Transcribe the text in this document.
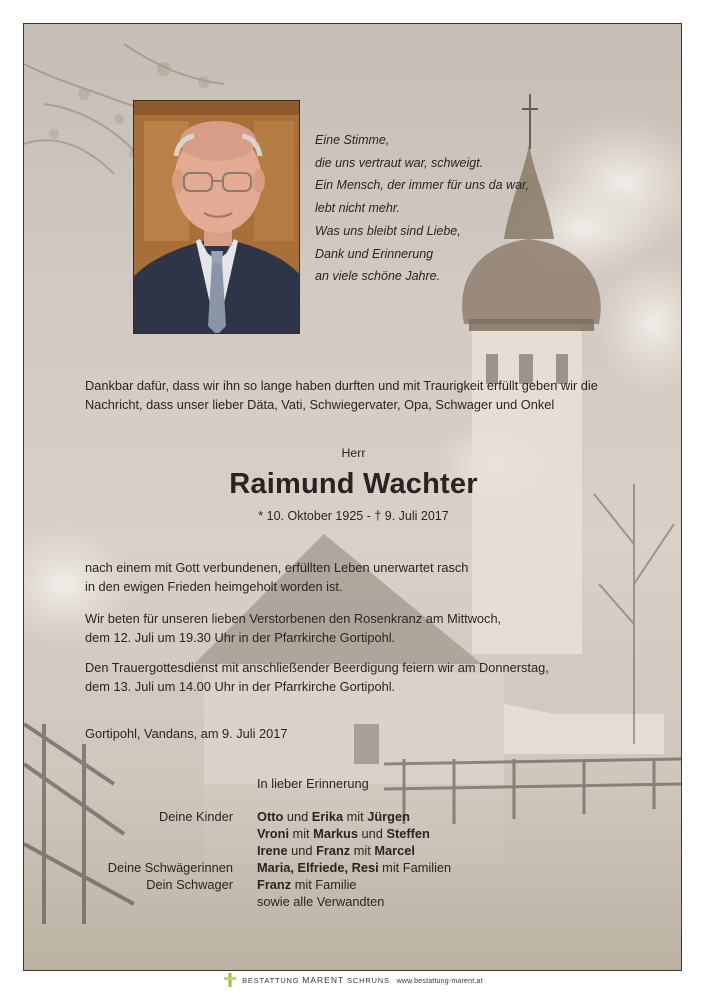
Eine Stimme,
die uns vertraut war, schweigt.
Ein Mensch, der immer für uns da war,
lebt nicht mehr.
Was uns bleibt sind Liebe,
Dank und Erinnerung
an viele schöne Jahre.
Dankbar dafür, dass wir ihn so lange haben durften und mit Traurigkeit erfüllt geben wir die
Nachricht, dass unser lieber Däta, Vati, Schwiegervater, Opa, Schwager und Onkel
Herr
Raimund Wachter
* 10. Oktober 1925 - † 9. Juli 2017
nach einem mit Gott verbundenen, erfüllten Leben unerwartet rasch
in den ewigen Frieden heimgeholt worden ist.
Wir beten für unseren lieben Verstorbenen den Rosenkranz am Mittwoch,
dem 12. Juli um 19.30 Uhr in der Pfarrkirche Gortipohl.
Den Trauergottesdienst mit anschließender Beerdigung feiern wir am Donnerstag,
dem 13. Juli um 14.00 Uhr in der Pfarrkirche Gortipohl.
Gortipohl, Vandans, am 9. Juli 2017
In lieber Erinnerung
Deine Kinder Otto und Erika mit Jürgen
Vroni mit Markus und Steffen
Irene und Franz mit Marcel
Deine Schwägerinnen Maria, Elfriede, Resi mit Familien
Dein Schwager Franz mit Familie
sowie alle Verwandten
BESTATTUNG MARENT SCHRUNS www.bestattung-marent.at
